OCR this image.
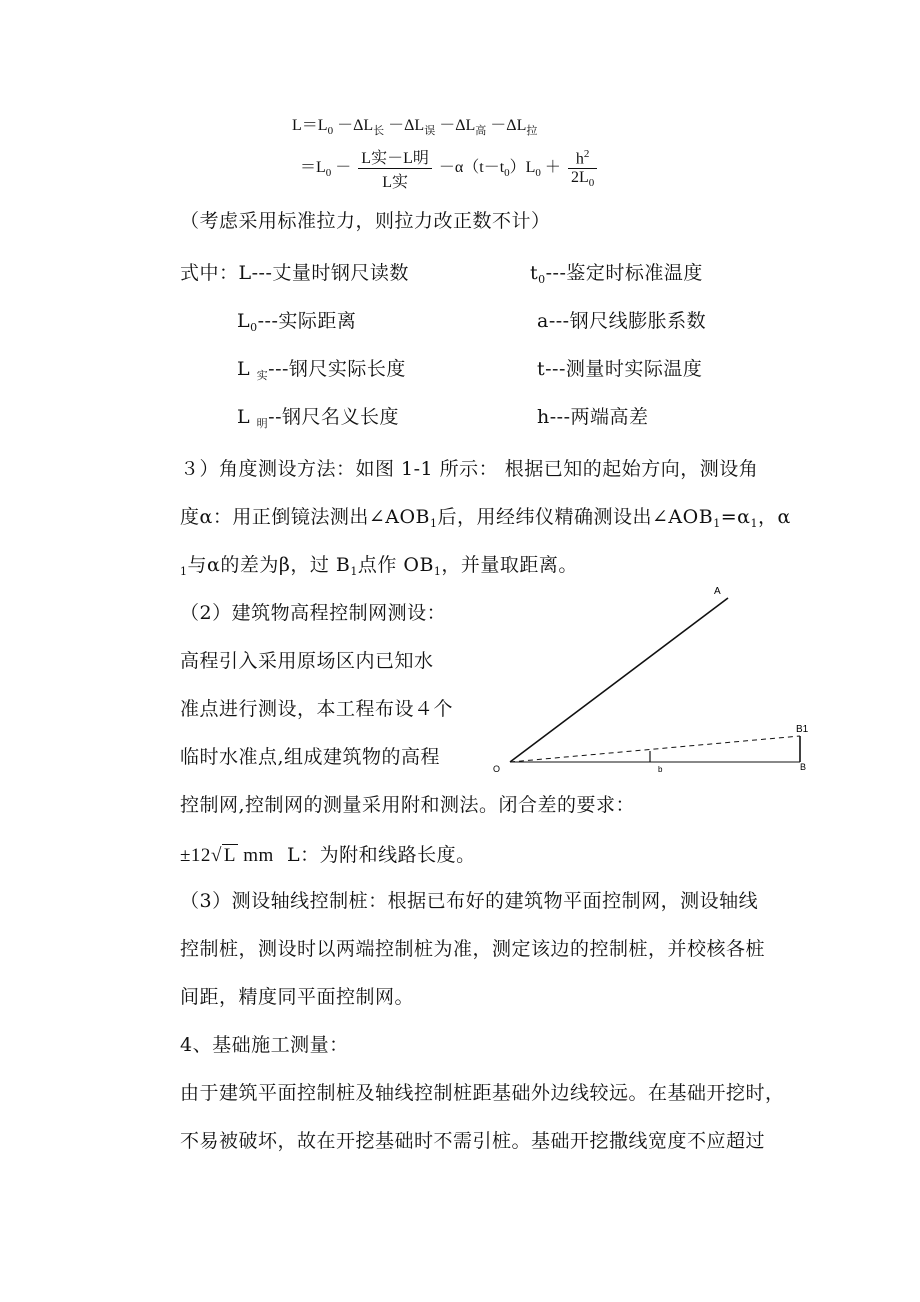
$L=L_0 -\Delta L_长 -\Delta L_误 -\Delta L_高 -\Delta L_拉$
$=L_0 - \frac{\text{L实－L明}}{\text{L实}} -\alpha(t-t_0)L_0 + \frac{h^2}{2L_0}$
（考虑采用标准拉力，则拉力改正数不计）
式中：L---丈量时钢尺读数	$t_0---$鉴定时标准温度
$L_0---$实际距离	a---钢尺线膨胀系数
L $_实$---钢尺实际长度	t---测量时实际温度
L $_明$--钢尺名义长度	h---两端高差
３）角度测设方法：如图 1-1 所示： 根据已知的起始方向，测设角
度α：用正倒镜法测出$\angle AOB_1$后，用经纬仪精确测设出$\angle AOB_1=\alpha_1$，α
$_1$与α的差为β，过 $B_1$点作 $OB_1$，并量取距离。
（2）建筑物高程控制网测设：
高程引入采用原场区内已知水
准点进行测设，本工程布设４个
临时水准点,组成建筑物的高程
控制网,控制网的测量采用附和测法。闭合差的要求：
±12√ L mm L：为附和线路长度。
A
B1
B
O	b
（3）测设轴线控制桩：根据已布好的建筑物平面控制网，测设轴线
控制桩，测设时以两端控制桩为准，测定该边的控制桩，并校核各桩
间距，精度同平面控制网。
4、基础施工测量：
由于建筑平面控制桩及轴线控制桩距基础外边线较远。在基础开挖时，
不易被破坏，故在开挖基础时不需引桩。基础开挖撒线宽度不应超过
